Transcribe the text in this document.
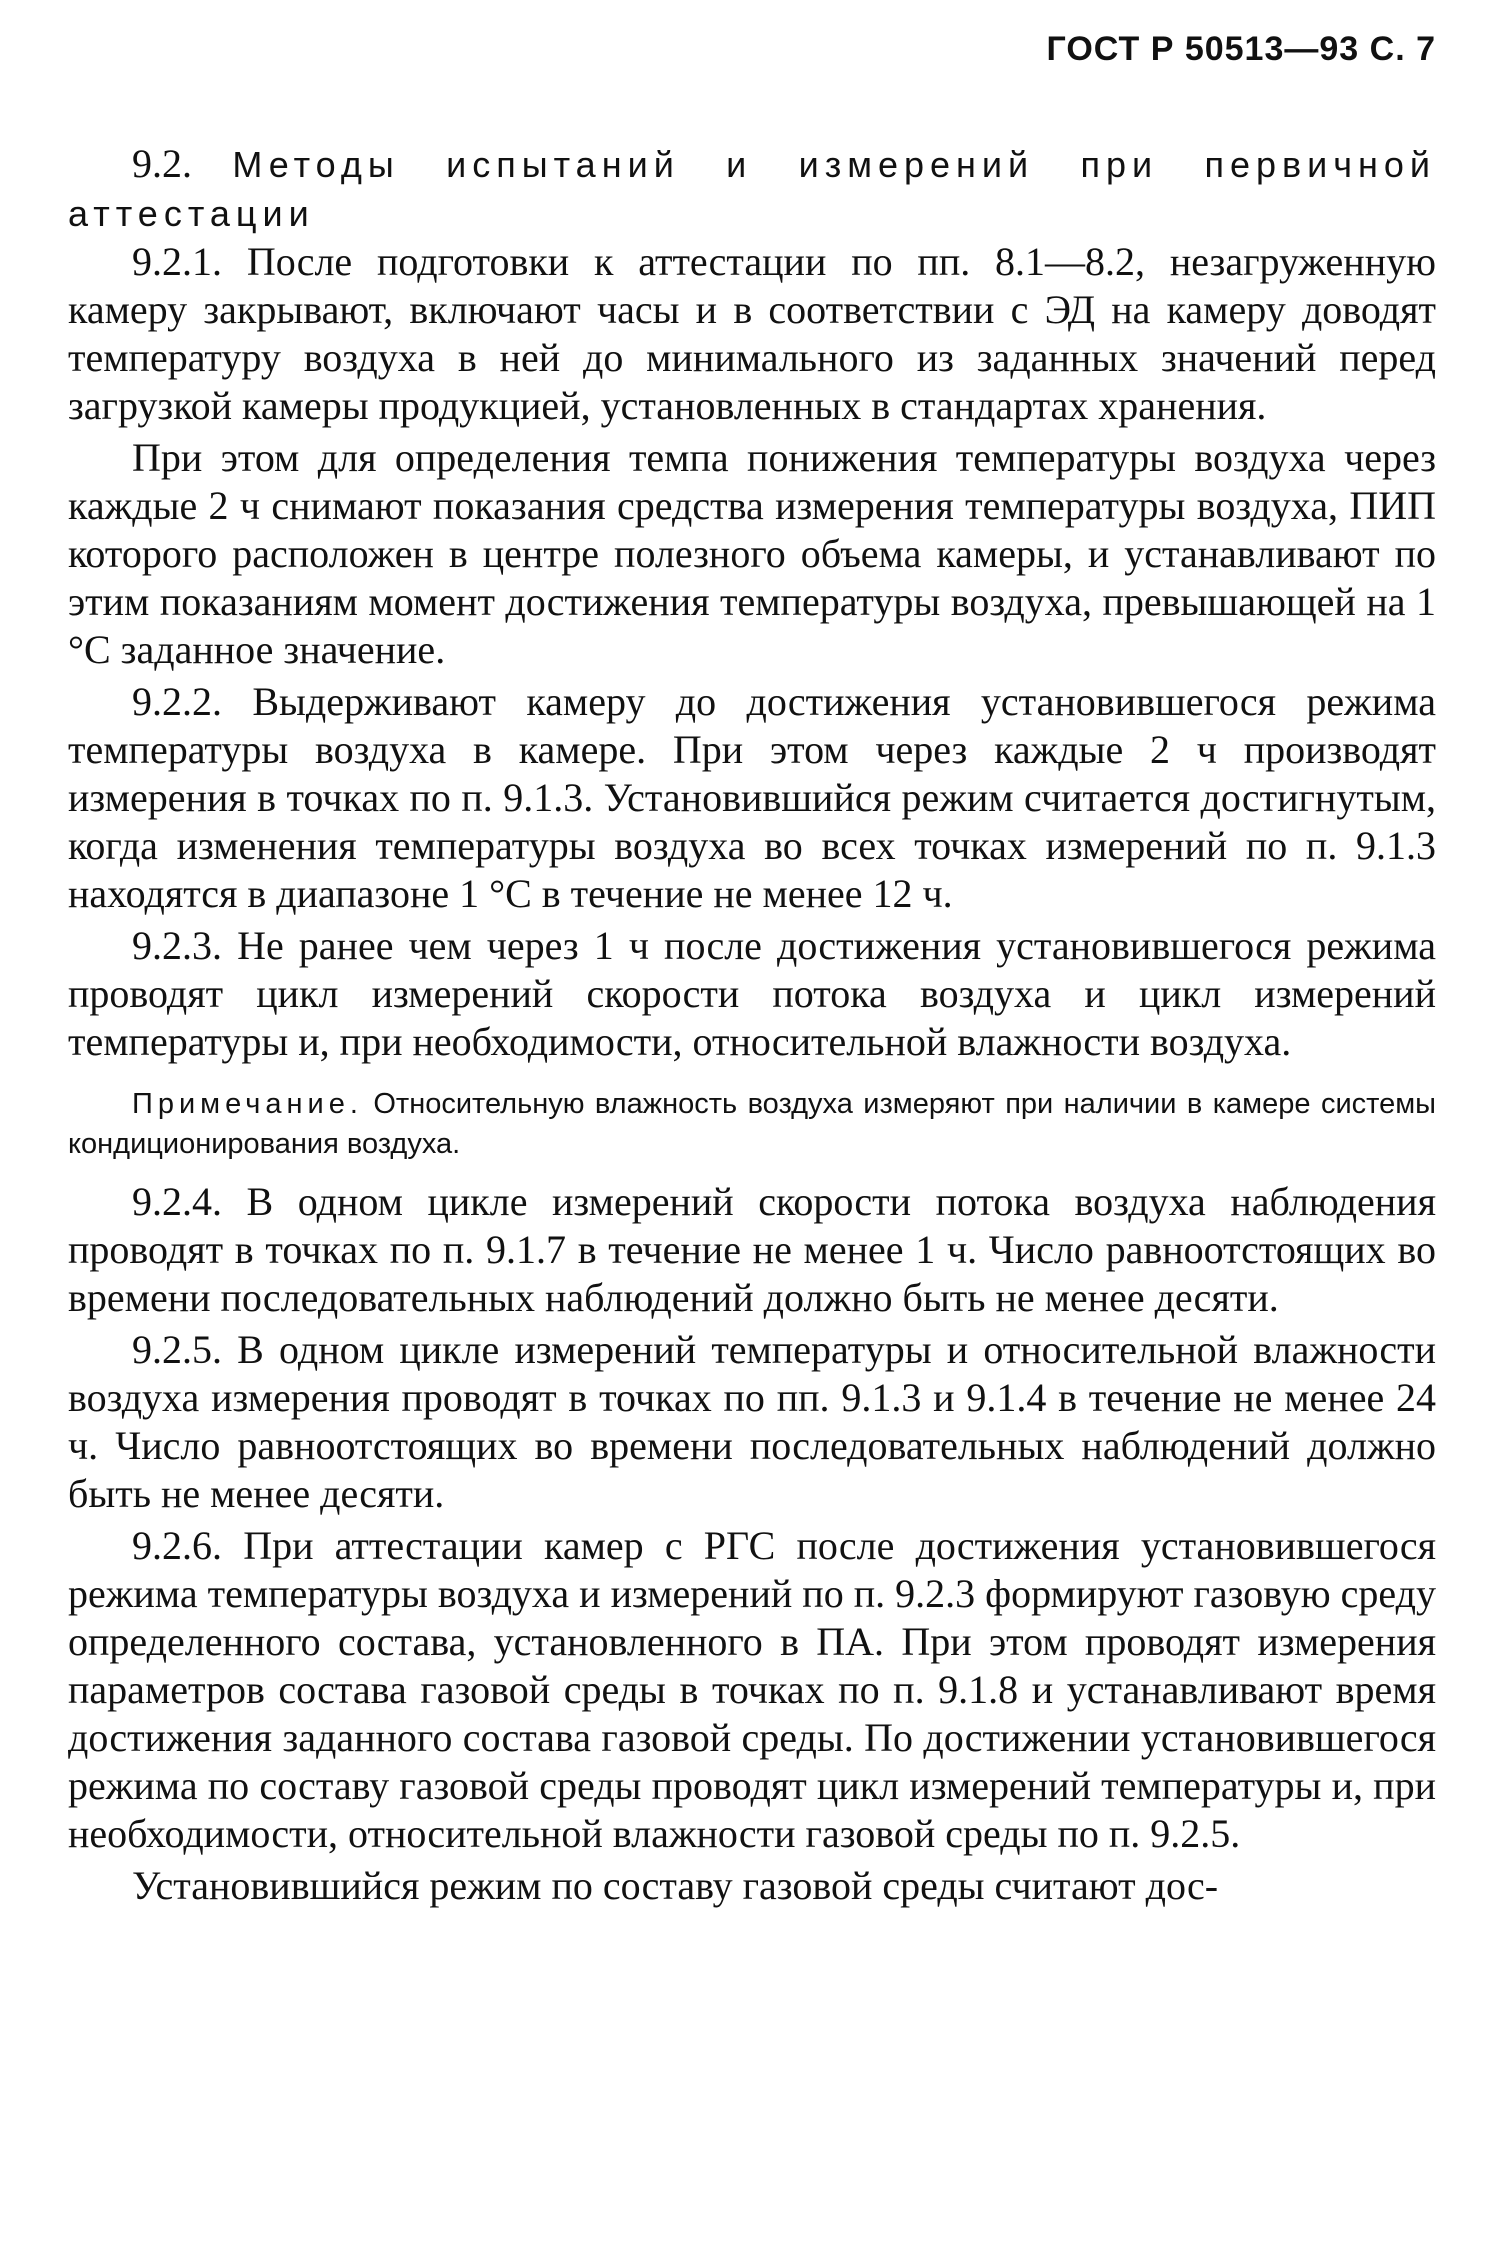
ГОСТ Р 50513—93 С. 7

9.2. Методы испытаний и измерений при первичной аттестации

9.2.1. После подготовки к аттестации по пп. 8.1—8.2, незагруженную камеру закрывают, включают часы и в соответствии с ЭД на камеру доводят температуру воздуха в ней до минимального из заданных значений перед загрузкой камеры продукцией, установленных в стандартах хранения.

При этом для определения темпа понижения температуры воздуха через каждые 2 ч снимают показания средства измерения температуры воздуха, ПИП которого расположен в центре полезного объема камеры, и устанавливают по этим показаниям момент достижения температуры воздуха, превышающей на 1 °С заданное значение.

9.2.2. Выдерживают камеру до достижения установившегося режима температуры воздуха в камере. При этом через каждые 2 ч производят измерения в точках по п. 9.1.3. Установившийся режим считается достигнутым, когда изменения температуры воздуха во всех точках измерений по п. 9.1.3 находятся в диапазоне 1 °С в течение не менее 12 ч.

9.2.3. Не ранее чем через 1 ч после достижения установившегося режима проводят цикл измерений скорости потока воздуха и цикл измерений температуры и, при необходимости, относительной влажности воздуха.

Примечание. Относительную влажность воздуха измеряют при наличии в камере системы кондиционирования воздуха.

9.2.4. В одном цикле измерений скорости потока воздуха наблюдения проводят в точках по п. 9.1.7 в течение не менее 1 ч. Число равноотстоящих во времени последовательных наблюдений должно быть не менее десяти.

9.2.5. В одном цикле измерений температуры и относительной влажности воздуха измерения проводят в точках по пп. 9.1.3 и 9.1.4 в течение не менее 24 ч. Число равноотстоящих во времени последовательных наблюдений должно быть не менее десяти.

9.2.6. При аттестации камер с РГС после достижения установившегося режима температуры воздуха и измерений по п. 9.2.3 формируют газовую среду определенного состава, установленного в ПА. При этом проводят измерения параметров состава газовой среды в точках по п. 9.1.8 и устанавливают время достижения заданного состава газовой среды. По достижении установившегося режима по составу газовой среды проводят цикл измерений температуры и, при необходимости, относительной влажности газовой среды по п. 9.2.5.

Установившийся режим по составу газовой среды считают дос-
